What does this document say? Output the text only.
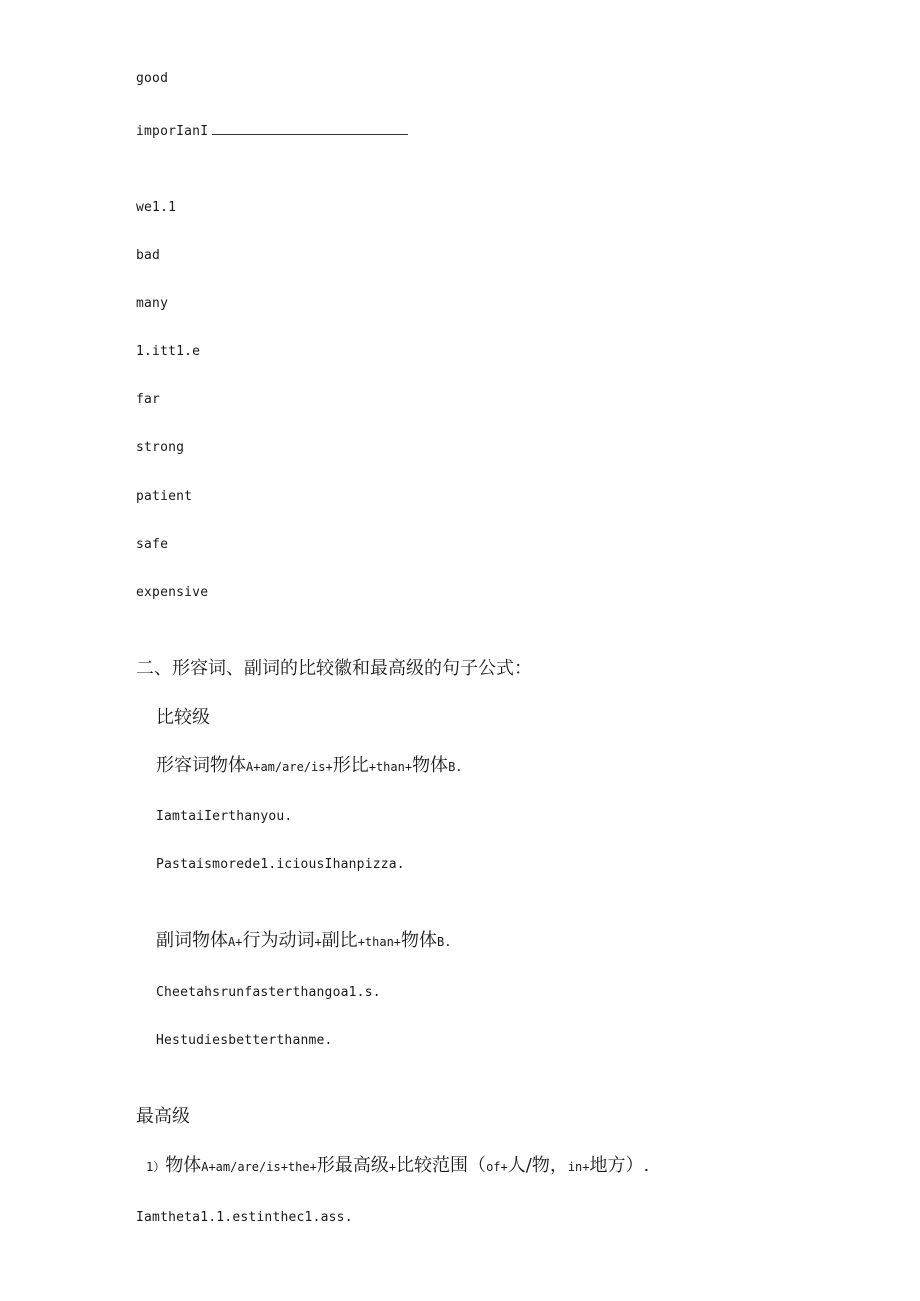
good
imporIanI
we1.1
bad
many
1.itt1.e
far
strong
patient
safe
expensive
二、形容词、副词的比较徽和最高级的句子公式：
比较级
形容词物体A+am/are/is+形比+than+物体B.
IamtaiIerthanyou.
Pastaismorede1.iciousIhanpizza.
副词物体A+行为动词+副比+than+物体B.
Cheetahsrunfasterthangoa1.s.
Hestudiesbetterthanme.
最高级
1）物体A+am/are/is+the+形最高级+比较范围（of+人/物，in+地方）.
Iamtheta1.1.estinthec1.ass.
